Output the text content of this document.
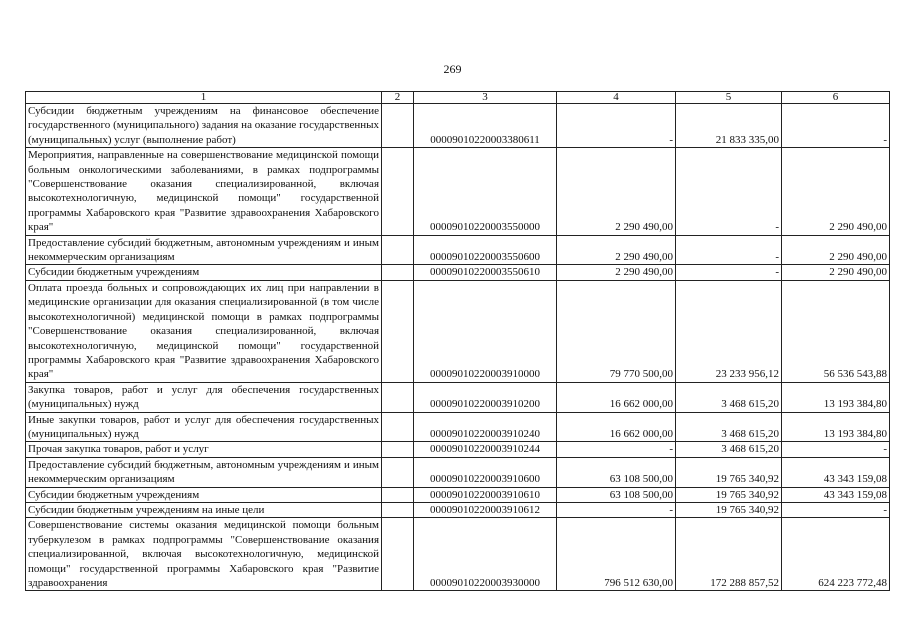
269
1	2	3	4	5	6
Субсидии бюджетным учреждениям на финансовое обеспечение государственного (муниципального) задания на оказание государственных (муниципальных) услуг (выполнение работ)		00009010220003380611	-	21 833 335,00	-
Мероприятия, направленные на совершенствование медицинской помощи больным онкологическими заболеваниями, в рамках подпрограммы "Совершенствование оказания специализированной, включая высокотехнологичную, медицинской помощи" государственной программы Хабаровского края "Развитие здравоохранения Хабаровского края"		00009010220003550000	2 290 490,00	-	2 290 490,00
Предоставление субсидий бюджетным, автономным учреждениям и иным некоммерческим организациям		00009010220003550600	2 290 490,00	-	2 290 490,00
Субсидии бюджетным учреждениям		00009010220003550610	2 290 490,00	-	2 290 490,00
Оплата проезда больных и сопровождающих их лиц при направлении в медицинские организации для оказания специализированной (в том числе высокотехнологичной) медицинской помощи в рамках подпрограммы "Совершенствование оказания специализированной, включая высокотехнологичную, медицинской помощи" государственной программы Хабаровского края "Развитие здравоохранения Хабаровского края"		00009010220003910000	79 770 500,00	23 233 956,12	56 536 543,88
Закупка товаров, работ и услуг для обеспечения государственных (муниципальных) нужд		00009010220003910200	16 662 000,00	3 468 615,20	13 193 384,80
Иные закупки товаров, работ и услуг для обеспечения государственных (муниципальных) нужд		00009010220003910240	16 662 000,00	3 468 615,20	13 193 384,80
Прочая закупка товаров, работ и услуг		00009010220003910244	-	3 468 615,20	-
Предоставление субсидий бюджетным, автономным учреждениям и иным некоммерческим организациям		00009010220003910600	63 108 500,00	19 765 340,92	43 343 159,08
Субсидии бюджетным учреждениям		00009010220003910610	63 108 500,00	19 765 340,92	43 343 159,08
Субсидии бюджетным учреждениям на иные цели		00009010220003910612	-	19 765 340,92	-
Совершенствование системы оказания медицинской помощи больным туберкулезом в рамках подпрограммы "Совершенствование оказания специализированной, включая высокотехнологичную, медицинской помощи" государственной программы Хабаровского края "Развитие здравоохранения		00009010220003930000	796 512 630,00	172 288 857,52	624 223 772,48
